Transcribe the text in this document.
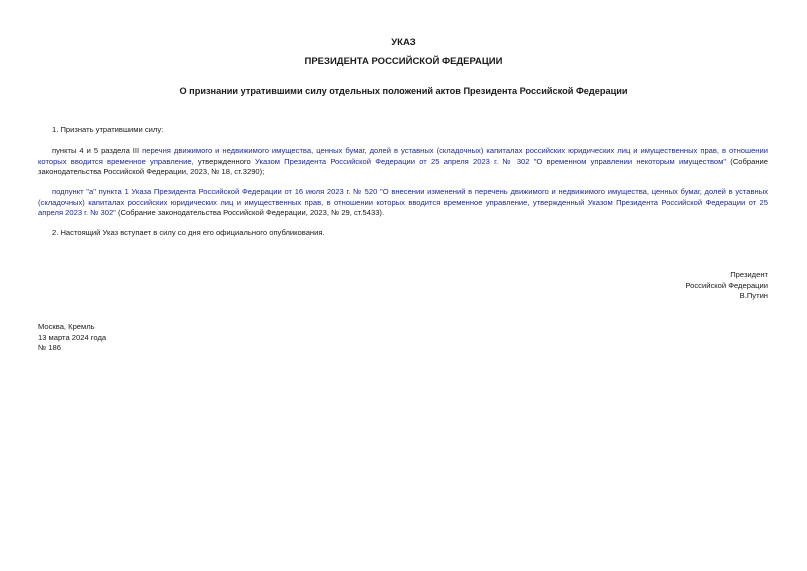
УКАЗ
ПРЕЗИДЕНТА РОССИЙСКОЙ ФЕДЕРАЦИИ
О признании утратившими силу отдельных положений актов Президента Российской Федерации
1. Признать утратившими силу:
пункты 4 и 5 раздела III перечня движимого и недвижимого имущества, ценных бумаг, долей в уставных (складочных) капиталах российских юридических лиц и имущественных прав, в отношении которых вводится временное управление, утвержденного Указом Президента Российской Федерации от 25 апреля 2023 г. № 302 "О временном управлении некоторым имуществом" (Собрание законодательства Российской Федерации, 2023, № 18, ст.3290);
подпункт "а" пункта 1 Указа Президента Российской Федерации от 16 июля 2023 г. № 520 "О внесении изменений в перечень движимого и недвижимого имущества, ценных бумаг, долей в уставных (складочных) капиталах российских юридических лиц и имущественных прав, в отношении которых вводится временное управление, утвержденный Указом Президента Российской Федерации от 25 апреля 2023 г. № 302" (Собрание законодательства Российской Федерации, 2023, № 29, ст.5433).
2. Настоящий Указ вступает в силу со дня его официального опубликования.
Президент
Российской Федерации
В.Путин
Москва, Кремль
13 марта 2024 года
№ 186
